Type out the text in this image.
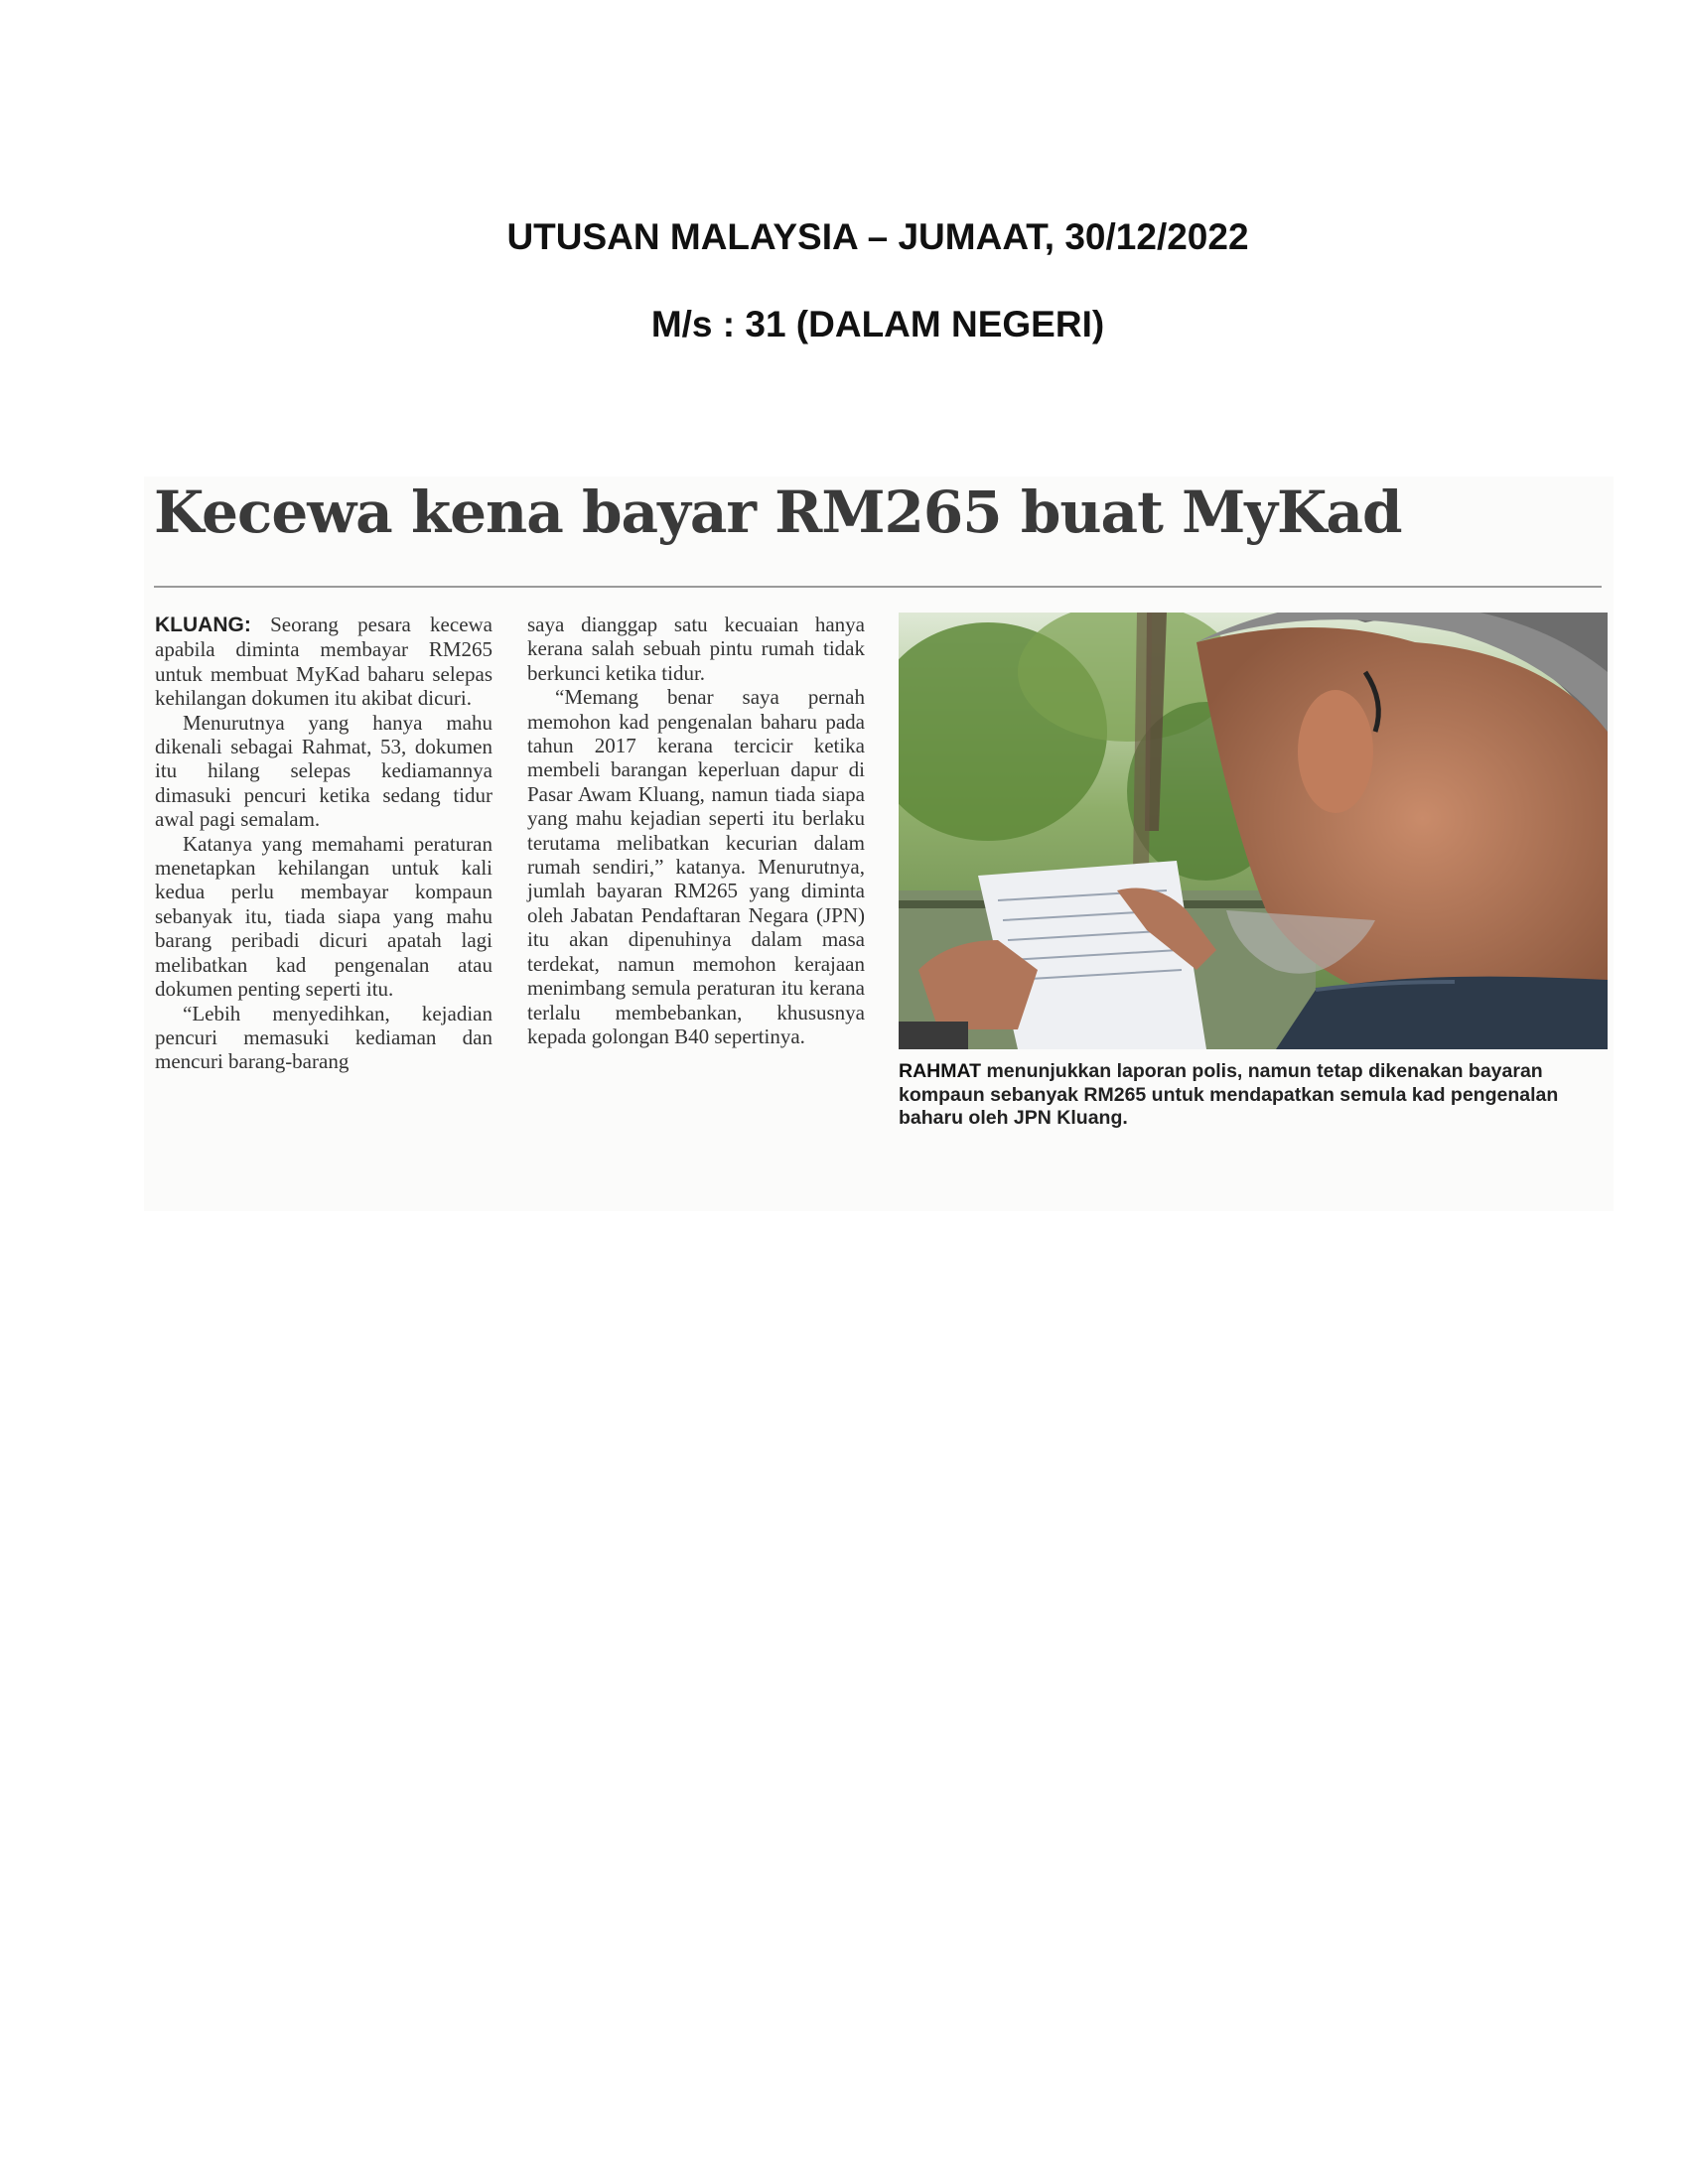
UTUSAN MALAYSIA – JUMAAT, 30/12/2022
M/s : 31 (DALAM NEGERI)
Kecewa kena bayar RM265 buat MyKad

KLUANG: Seorang pesara kecewa apabila diminta membayar RM265 untuk membuat MyKad baharu selepas kehilangan dokumen itu akibat dicuri.

Menurutnya yang hanya mahu dikenali sebagai Rahmat, 53, dokumen itu hilang selepas kediamannya dimasuki pencuri ketika sedang tidur awal pagi semalam.

Katanya yang memahami peraturan menetapkan kehilangan untuk kali kedua perlu membayar kompaun sebanyak itu, tiada siapa yang mahu barang peribadi dicuri apatah lagi melibatkan kad pengenalan atau dokumen penting seperti itu.

“Lebih menyedihkan, kejadian pencuri memasuki kediaman dan mencuri barang-barang

saya dianggap satu kecuaian hanya kerana salah sebuah pintu rumah tidak berkunci ketika tidur.

“Memang benar saya pernah memohon kad pengenalan baharu pada tahun 2017 kerana tercicir ketika membeli barangan keperluan dapur di Pasar Awam Kluang, namun tiada siapa yang mahu kejadian seperti itu berlaku terutama melibatkan kecurian dalam rumah sendiri,” katanya. Menurutnya, jumlah bayaran RM265 yang diminta oleh Jabatan Pendaftaran Negara (JPN) itu akan dipenuhinya dalam masa terdekat, namun memohon kerajaan menimbang semula peraturan itu kerana terlalu membebankan, khususnya kepada golongan B40 sepertinya.

RAHMAT menunjukkan laporan polis, namun tetap dikenakan bayaran kompaun sebanyak RM265 untuk mendapatkan semula kad pengenalan baharu oleh JPN Kluang.
